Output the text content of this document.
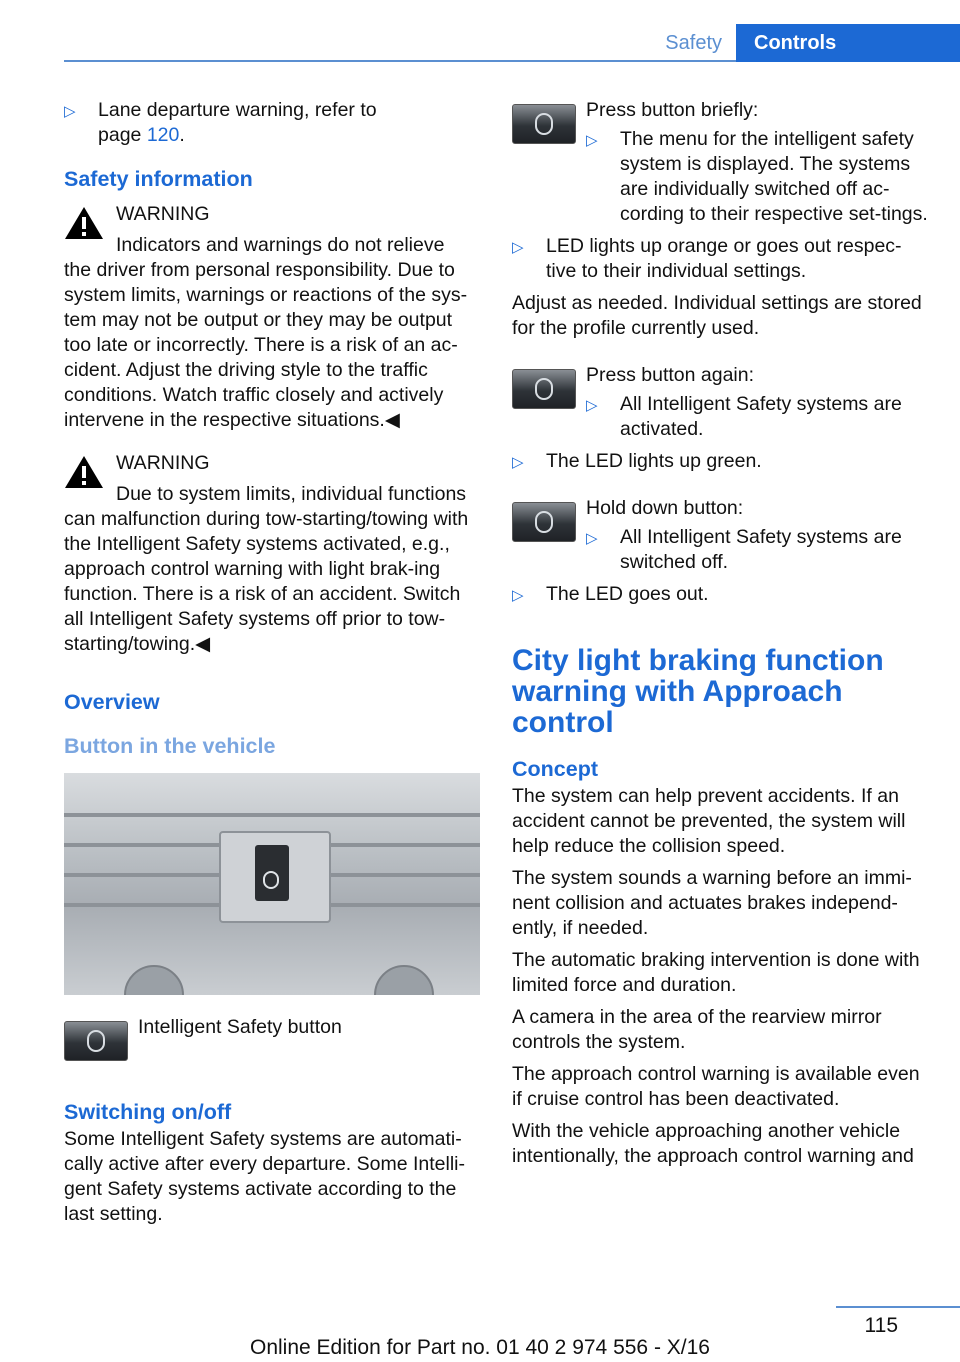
Safety	Controls
▷ Lane departure warning, refer to
page 120.
Safety information
WARNING
Indicators and warnings do not relieve
the driver from personal responsibility. Due to system limits, warnings or reactions of the sys-tem may not be output or they may be output too late or incorrectly. There is a risk of an ac-cident. Adjust the driving style to the traffic conditions. Watch traffic closely and actively intervene in the respective situations.◀
WARNING
Due to system limits, individual functions
can malfunction during tow-starting/towing with the Intelligent Safety systems activated, e.g., approach control warning with light brak-ing function. There is a risk of an accident. Switch all Intelligent Safety systems off prior to tow-starting/towing.◀
Overview
Button in the vehicle
Intelligent Safety button
Switching on/off

Some Intelligent Safety systems are automati-cally active after every departure. Some Intelli-gent Safety systems activate according to the last setting.

Press button briefly:
▷ The menu for the intelligent safety system is displayed. The systems are individually switched off ac-cording to their respective set-tings.
▷ LED lights up orange or goes out respec-tive to their individual settings.

Adjust as needed. Individual settings are stored for the profile currently used.

Press button again:
▷ All Intelligent Safety systems are activated.
▷ The LED lights up green.
Hold down button:
▷ All Intelligent Safety systems are switched off.
▷ The LED goes out.
City light braking function warning with Approach control
Concept

The system can help prevent accidents. If an accident cannot be prevented, the system will help reduce the collision speed.

The system sounds a warning before an immi-nent collision and actuates brakes independ-ently, if needed.

The automatic braking intervention is done with limited force and duration.

A camera in the area of the rearview mirror controls the system.

The approach control warning is available even if cruise control has been deactivated.

With the vehicle approaching another vehicle intentionally, the approach control warning and

115
Online Edition for Part no. 01 40 2 974 556 - X/16
